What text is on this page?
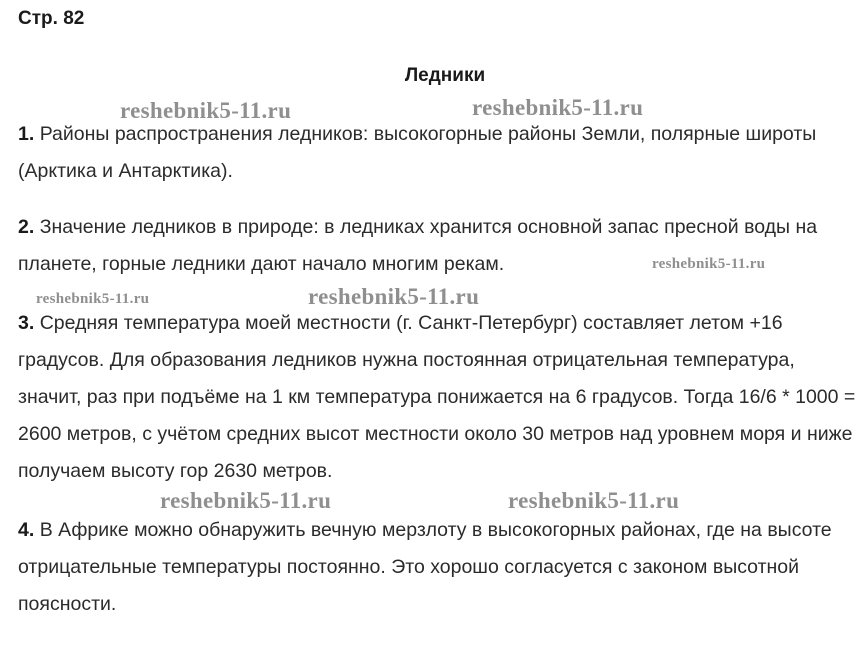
Стр. 82
Ледники
reshebnik5-11.ru	reshebnik5-11.ru
reshebnik5-11.ru
reshebnik5-11.ru	reshebnik5-11.ru
reshebnik5-11.ru	reshebnik5-11.ru

1. Районы распространения ледников: высокогорные районы Земли, полярные широты (Арктика и Антарктика).

2. Значение ледников в природе: в ледниках хранится основной запас пресной воды на планете, горные ледники дают начало многим рекам.

3. Средняя температура моей местности (г. Санкт-Петербург) составляет летом +16 градусов. Для образования ледников нужна постоянная отрицательная температура, значит, раз при подъёме на 1 км температура понижается на 6 градусов. Тогда 16/6 * 1000 = 2600 метров, с учётом средних высот местности около 30 метров над уровнем моря и ниже получаем высоту гор 2630 метров.

4. В Африке можно обнаружить вечную мерзлоту в высокогорных районах, где на высоте отрицательные температуры постоянно. Это хорошо согласуется с законом высотной поясности.
